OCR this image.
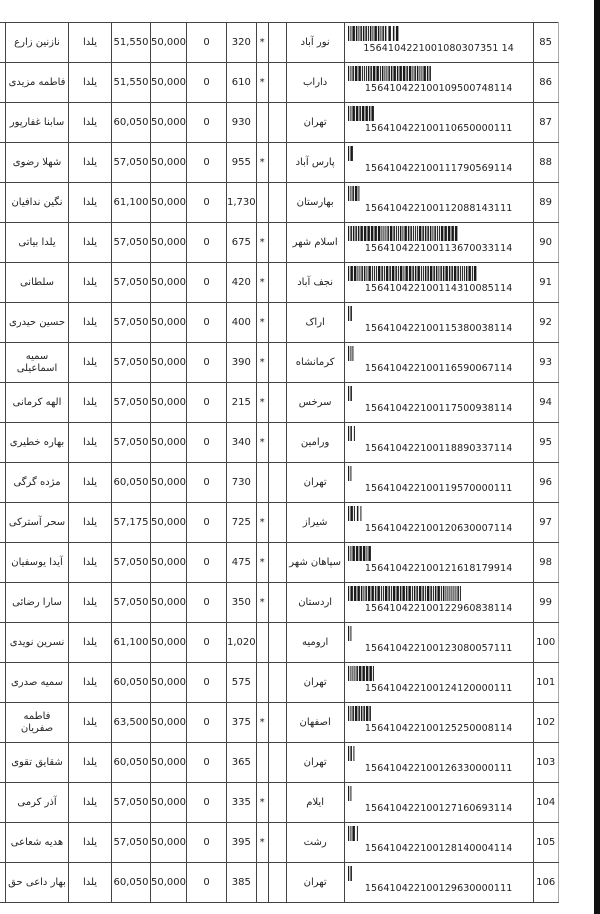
	نازنین زارع	یلدا	51,550	50,000	0	320	*		نور آباد	1564104221001080307351 14	85
	فاطمه مزیدی	یلدا	51,550	50,000	0	610	*		داراب	156410422100109500748114	86
	سابنا غفارپور	یلدا	60,050	50,000	0	930			تهران	156410422100110650000111	87
	شهلا رضوی	یلدا	57,050	50,000	0	955	*		پارس آباد	156410422100111790569114	88
	نگین ندافیان	یلدا	61,100	50,000	0	1,730			بهارستان	156410422100112088143111	89
	یلدا بیاتی	یلدا	57,050	50,000	0	675	*		اسلام شهر	156410422100113670033114	90
	سلطانی	یلدا	57,050	50,000	0	420	*		نجف آباد	156410422100114310085114	91
	حسین حیدری	یلدا	57,050	50,000	0	400	*		اراک	156410422100115380038114	92
	سمیه اسماعیلی	یلدا	57,050	50,000	0	390	*		کرمانشاه	156410422100116590067114	93
	الهه کرمانی	یلدا	57,050	50,000	0	215	*		سرخس	156410422100117500938114	94
	بهاره خطیری	یلدا	57,050	50,000	0	340	*		ورامین	156410422100118890337114	95
	مژده گرگی	یلدا	60,050	50,000	0	730			تهران	156410422100119570000111	96
	سحر آسترکی	یلدا	57,175	50,000	0	725	*		شیراز	156410422100120630007114	97
	آیدا یوسفیان	یلدا	57,050	50,000	0	475	*		سپاهان شهر	156410422100121618179914	98
	سارا رضائی	یلدا	57,050	50,000	0	350	*		اردستان	156410422100122960838114	99
	نسرین نویدی	یلدا	61,100	50,000	0	1,020			ارومیه	156410422100123080057111	100
	سمیه صدری	یلدا	60,050	50,000	0	575			تهران	156410422100124120000111	101
	فاطمه صفریان	یلدا	63,500	50,000	0	375	*		اصفهان	156410422100125250008114	102
	شقایق تقوی	یلدا	60,050	50,000	0	365			تهران	156410422100126330000111	103
	آذر کرمی	یلدا	57,050	50,000	0	335	*		ایلام	156410422100127160693114	104
	هدیه شعاعی	یلدا	57,050	50,000	0	395	*		رشت	156410422100128140004114	105
	بهار داعی حق	یلدا	60,050	50,000	0	385			تهران	156410422100129630000111	106
